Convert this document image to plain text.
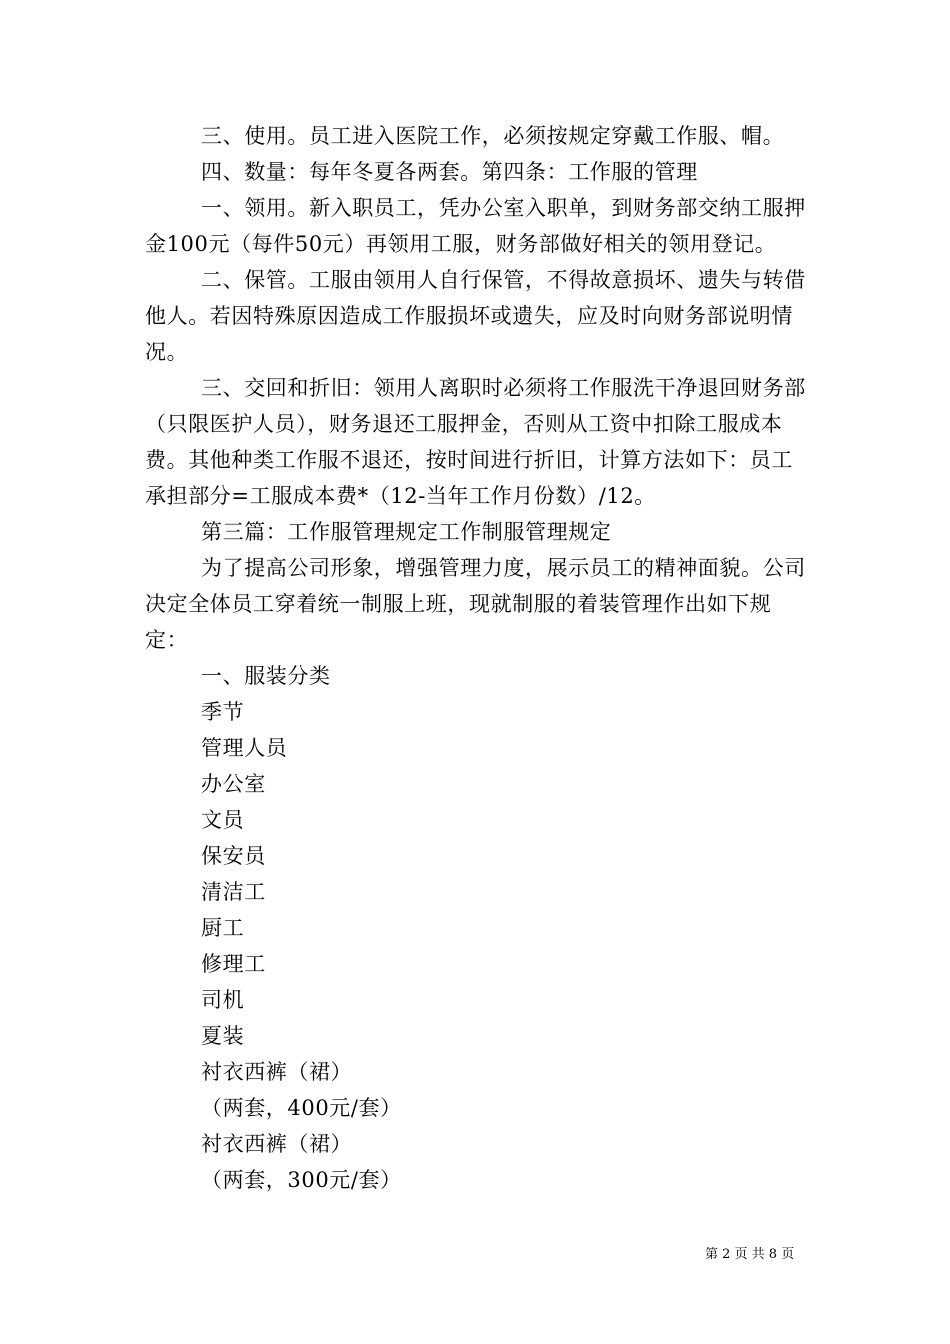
三、使用。员工进入医院工作，必须按规定穿戴工作服、帽。

四、数量：每年冬夏各两套。第四条：工作服的管理

一、领用。新入职员工，凭办公室入职单，到财务部交纳工服押金100元（每件50元）再领用工服，财务部做好相关的领用登记。

二、保管。工服由领用人自行保管，不得故意损坏、遗失与转借他人。若因特殊原因造成工作服损坏或遗失，应及时向财务部说明情况。

三、交回和折旧：领用人离职时必须将工作服洗干净退回财务部（只限医护人员），财务退还工服押金，否则从工资中扣除工服成本费。其他种类工作服不退还，按时间进行折旧，计算方法如下：员工承担部分=工服成本费*（12-当年工作月份数）/12。

第三篇：工作服管理规定工作制服管理规定

为了提高公司形象，增强管理力度，展示员工的精神面貌。公司决定全体员工穿着统一制服上班，现就制服的着装管理作出如下规定：

一、服装分类

季节

管理人员

办公室

文员

保安员

清洁工

厨工

修理工

司机

夏装

衬衣西裤（裙）

（两套，400元/套）

衬衣西裤（裙）

（两套，300元/套）

第 2 页 共 8 页
